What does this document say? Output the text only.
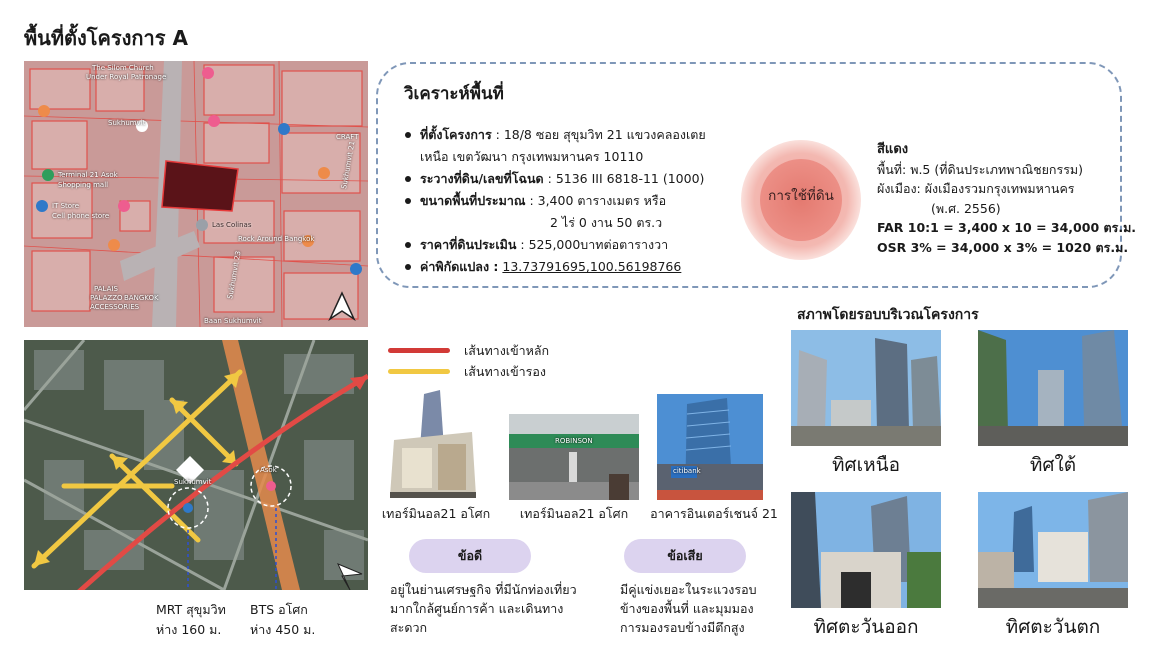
พื้นที่ตั้งโครงการ A
The Silom Church
Under Royal Patronage
Sukhumvit
Terminal 21 Asok
Shopping mall
IT Store
Cell phone store
Las Colinas
Rock Around Bangkok
CRAFT
Sukhumvit 21
Sukhumvit 23
PALAIS
PALAZZO
ACCESSORIES
BANGKOK
Baan Sukhumvit
วิเคราะห์พื้นที่
ที่ตั้งโครงการ : 18/8 ซอย สุขุมวิท 21 แขวงคลองเตย
เหนือ เขตวัฒนา กรุงเทพมหานคร 10110
ระวางที่ดิน/เลขที่โฉนด : 5136 III 6818-11 (1000)
ขนาดพื้นที่ประมาณ : 3,400 ตารางเมตร หรือ
2 ไร่ 0 งาน 50 ตร.ว
ราคาที่ดินประเมิน : 525,000บาทต่อตารางวา
ค่าพิกัดแปลง : 13.73791695,100.56198766
การใช้ที่ดิน
สีแดง
พื้นที่: พ.5 (ที่ดินประเภทพาณิชยกรรม)
ผังเมือง: ผังเมืองรวมกรุงเทพมหานคร
(พ.ศ. 2556)
FAR 10:1 = 3,400 x 10 = 34,000 ตร.ม.
OSR 3% = 34,000 x 3% = 1020 ตร.ม.
Sukhumvit
Asok
MRT สุขุมวิท
ห่าง 160 ม.
BTS อโศก
ห่าง 450 ม.
เส้นทางเข้าหลัก
เส้นทางเข้ารอง
เทอร์มินอล21 อโศก
ROBINSON
เทอร์มินอล21 อโศก
citibank
อาคารอินเตอร์เชนจ์ 21
ข้อดี
อยู่ในย่านเศรษฐกิจ ที่มีนักท่องเที่ยว
มากใกล้ศูนย์การค้า และเดินทาง
สะดวก
ข้อเสีย
มีคู่แข่งเยอะในระแวงรอบ
ข้างของพื้นที่ และมุมมอง
การมองรอบข้างมีตึกสูง
สภาพโดยรอบบริเวณโครงการ
ทิศเหนือ	ทิศใต้
ทิศตะวันออก	ทิศตะวันตก
